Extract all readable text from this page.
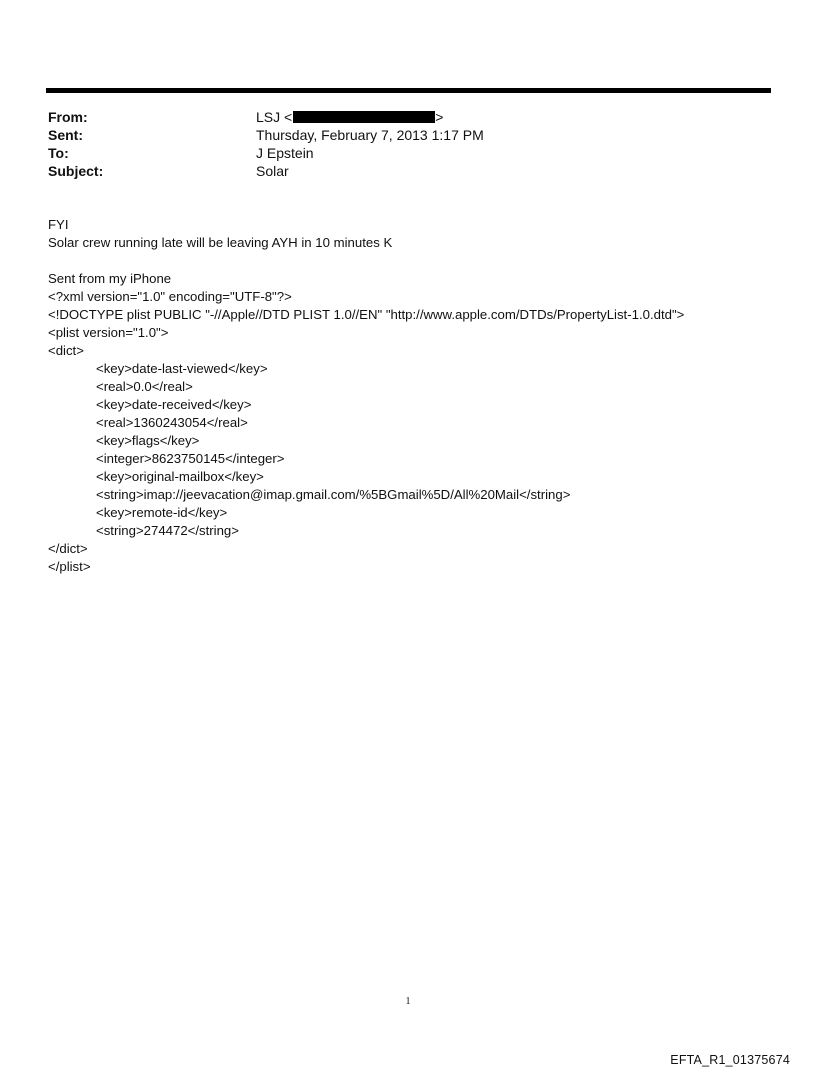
From:	LSJ <	>
Sent:	Thursday, February 7, 2013 1:17 PM
To:	J Epstein
Subject:	Solar
FYI
Solar crew running late will be leaving AYH in 10 minutes K
Sent from my iPhone
<?xml version="1.0" encoding="UTF-8"?>
<!DOCTYPE plist PUBLIC "-//Apple//DTD PLIST 1.0//EN" "http://www.apple.com/DTDs/PropertyList-1.0.dtd">
<plist version="1.0">
<dict>
<key>date-last-viewed</key>
<real>0.0</real>
<key>date-received</key>
<real>1360243054</real>
<key>flags</key>
<integer>8623750145</integer>
<key>original-mailbox</key>
<string>imap://jeevacation@imap.gmail.com/%5BGmail%5D/All%20Mail</string>
<key>remote-id</key>
<string>274472</string>
</dict>
</plist>
1
EFTA_R1_01375674
